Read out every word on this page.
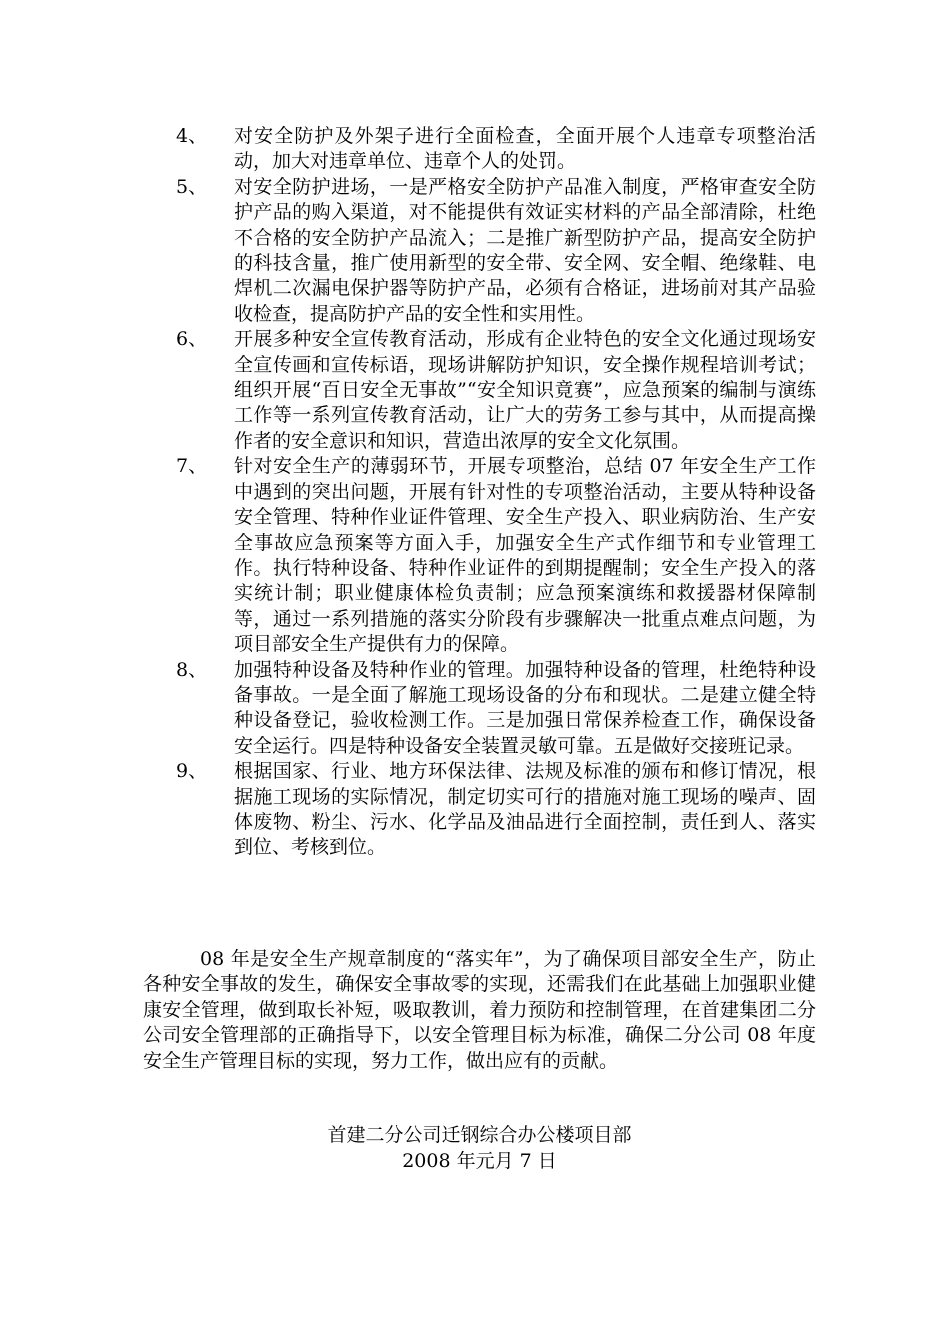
4、	对安全防护及外架子进行全面检查，全面开展个人违章专项整治活动，加大对违章单位、违章个人的处罚。
5、	对安全防护进场，一是严格安全防护产品准入制度，严格审查安全防护产品的购入渠道，对不能提供有效证实材料的产品全部清除，杜绝不合格的安全防护产品流入；二是推广新型防护产品，提高安全防护的科技含量，推广使用新型的安全带、安全网、安全帽、绝缘鞋、电焊机二次漏电保护器等防护产品，必须有合格证，进场前对其产品验收检查，提高防护产品的安全性和实用性。
6、	开展多种安全宣传教育活动，形成有企业特色的安全文化通过现场安全宣传画和宣传标语，现场讲解防护知识，安全操作规程培训考试；组织开展“百日安全无事故”“安全知识竟赛”，应急预案的编制与演练工作等一系列宣传教育活动，让广大的劳务工参与其中，从而提高操作者的安全意识和知识，营造出浓厚的安全文化氛围。
7、	针对安全生产的薄弱环节，开展专项整治，总结 07 年安全生产工作中遇到的突出问题，开展有针对性的专项整治活动，主要从特种设备安全管理、特种作业证件管理、安全生产投入、职业病防治、生产安全事故应急预案等方面入手，加强安全生产式作细节和专业管理工作。执行特种设备、特种作业证件的到期提醒制；安全生产投入的落实统计制；职业健康体检负责制；应急预案演练和救援器材保障制等，通过一系列措施的落实分阶段有步骤解决一批重点难点问题，为项目部安全生产提供有力的保障。
8、	加强特种设备及特种作业的管理。加强特种设备的管理，杜绝特种设备事故。一是全面了解施工现场设备的分布和现状。二是建立健全特种设备登记，验收检测工作。三是加强日常保养检查工作，确保设备安全运行。四是特种设备安全装置灵敏可靠。五是做好交接班记录。
9、	根据国家、行业、地方环保法律、法规及标准的颁布和修订情况，根据施工现场的实际情况，制定切实可行的措施对施工现场的噪声、固体废物、粉尘、污水、化学品及油品进行全面控制，责任到人、落实到位、考核到位。

08 年是安全生产规章制度的“落实年”，为了确保项目部安全生产，防止各种安全事故的发生，确保安全事故零的实现，还需我们在此基础上加强职业健康安全管理，做到取长补短，吸取教训，着力预防和控制管理，在首建集团二分公司安全管理部的正确指导下，以安全管理目标为标准，确保二分公司 08 年度安全生产管理目标的实现，努力工作，做出应有的贡献。

首建二分公司迁钢综合办公楼项目部

2008 年元月 7 日
